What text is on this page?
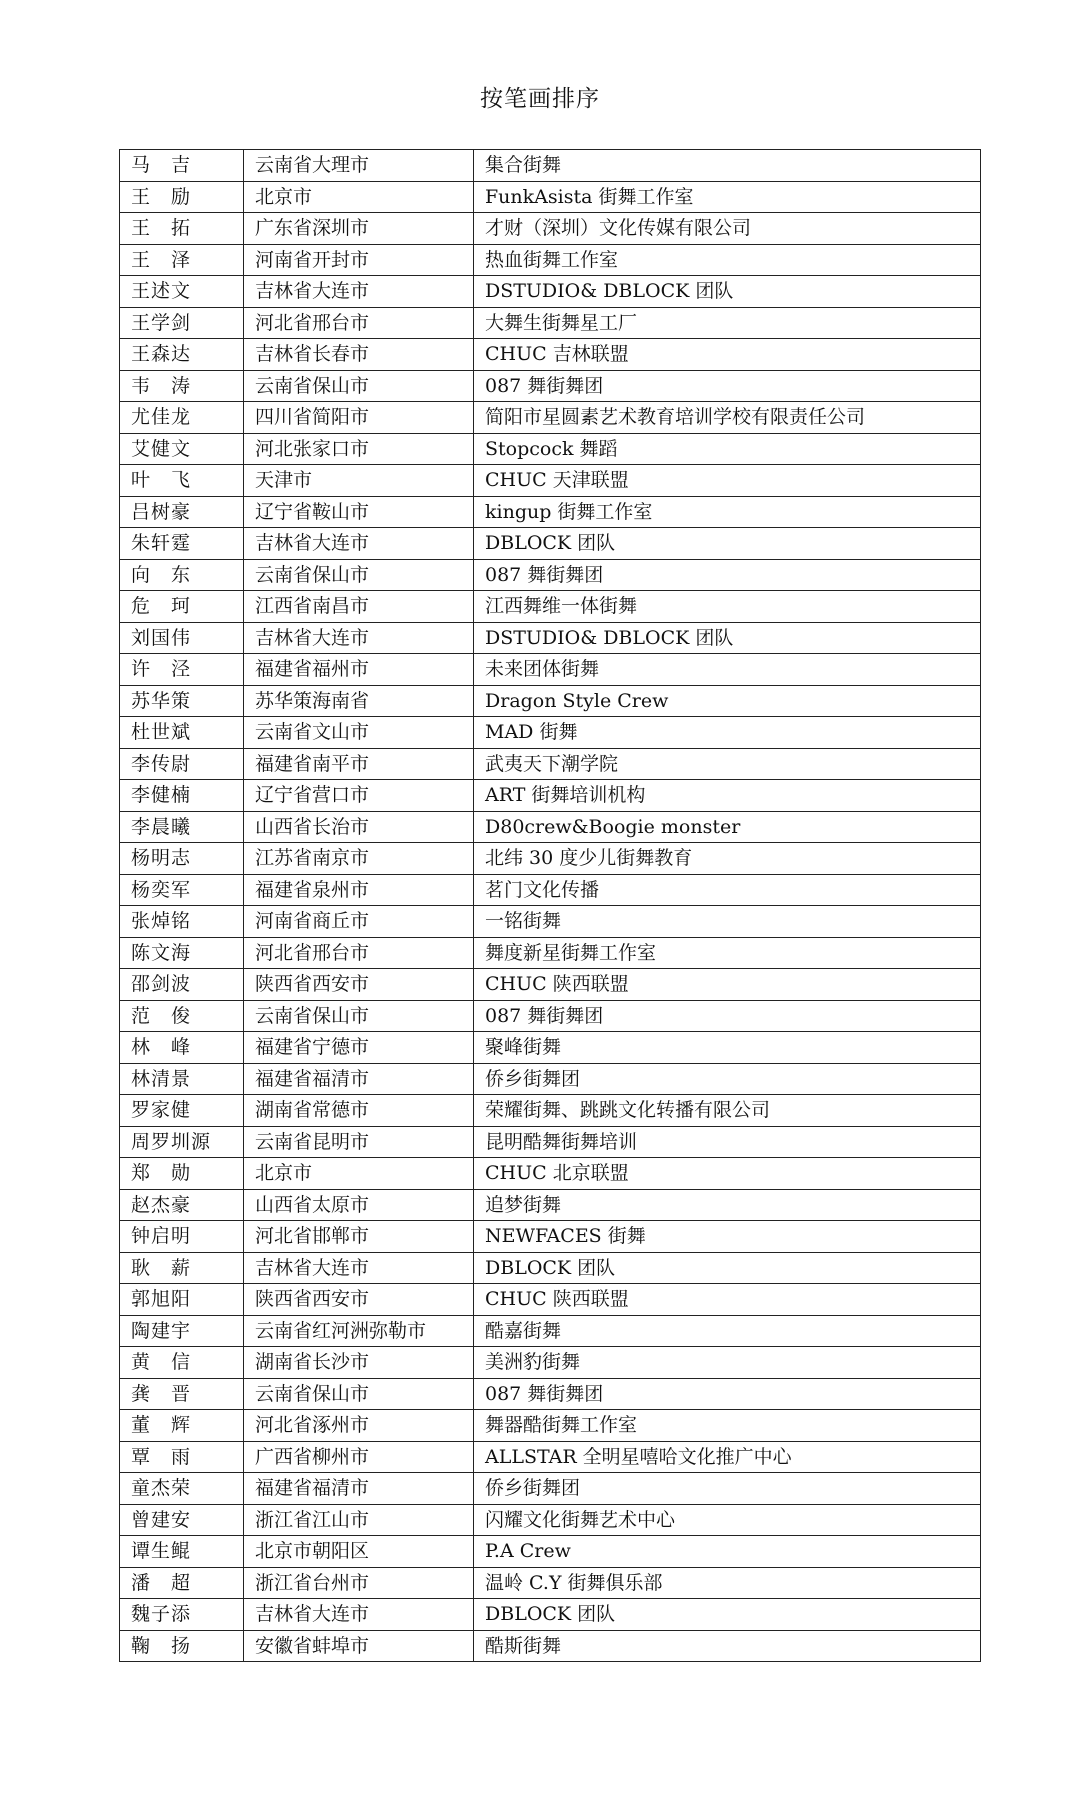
按笔画排序
马　吉	云南省大理市	集合街舞
王　励	北京市	FunkAsista 街舞工作室
王　拓	广东省深圳市	才财（深圳）文化传媒有限公司
王　泽	河南省开封市	热血街舞工作室
王述文	吉林省大连市	DSTUDIO& DBLOCK 团队
王学剑	河北省邢台市	大舞生街舞星工厂
王森达	吉林省长春市	CHUC 吉林联盟
韦　涛	云南省保山市	087 舞街舞团
尤佳龙	四川省简阳市	简阳市星圆素艺术教育培训学校有限责任公司
艾健文	河北张家口市	Stopcock 舞蹈
叶　飞	天津市	CHUC 天津联盟
吕树豪	辽宁省鞍山市	kingup 街舞工作室
朱轩霆	吉林省大连市	DBLOCK 团队
向　东	云南省保山市	087 舞街舞团
危　珂	江西省南昌市	江西舞维一体街舞
刘国伟	吉林省大连市	DSTUDIO& DBLOCK 团队
许　泾	福建省福州市	未来团体街舞
苏华策	苏华策海南省	Dragon Style Crew
杜世斌	云南省文山市	MAD 街舞
李传尉	福建省南平市	武夷天下潮学院
李健楠	辽宁省营口市	ART 街舞培训机构
李晨曦	山西省长治市	D80crew&Boogie monster
杨明志	江苏省南京市	北纬 30 度少儿街舞教育
杨奕军	福建省泉州市	茗门文化传播
张焯铭	河南省商丘市	一铭街舞
陈文海	河北省邢台市	舞度新星街舞工作室
邵剑波	陕西省西安市	CHUC 陕西联盟
范　俊	云南省保山市	087 舞街舞团
林　峰	福建省宁德市	聚峰街舞
林清景	福建省福清市	侨乡街舞团
罗家健	湖南省常德市	荣耀街舞、跳跳文化转播有限公司
周罗圳源	云南省昆明市	昆明酷舞街舞培训
郑　勋	北京市	CHUC 北京联盟
赵杰豪	山西省太原市	追梦街舞
钟启明	河北省邯郸市	NEWFACES 街舞
耿　薪	吉林省大连市	DBLOCK 团队
郭旭阳	陕西省西安市	CHUC 陕西联盟
陶建宇	云南省红河洲弥勒市	酷嘉街舞
黄　信	湖南省长沙市	美洲豹街舞
龚　晋	云南省保山市	087 舞街舞团
董　辉	河北省涿州市	舞器酷街舞工作室
覃　雨	广西省柳州市	ALLSTAR 全明星嘻哈文化推广中心
童杰荣	福建省福清市	侨乡街舞团
曾建安	浙江省江山市	闪耀文化街舞艺术中心
谭生鲲	北京市朝阳区	P.A Crew
潘　超	浙江省台州市	温岭 C.Y 街舞俱乐部
魏子添	吉林省大连市	DBLOCK 团队
鞠　扬	安徽省蚌埠市	酷斯街舞
